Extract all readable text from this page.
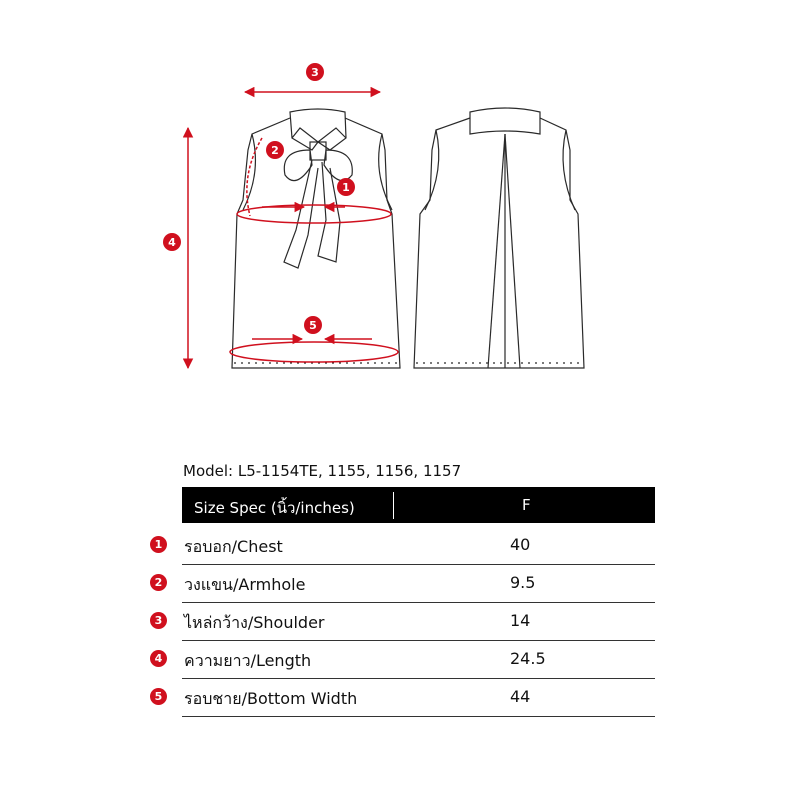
3
4
2
1
5
Model: L5-1154TE, 1155, 1156, 1157
Size Spec (นิ้ว/inches)	F
1 รอบอก/Chest	40
2 วงแขน/Armhole	9.5
3 ไหล่กว้าง/Shoulder	14
4 ความยาว/Length	24.5
5 รอบชาย/Bottom Width	44
